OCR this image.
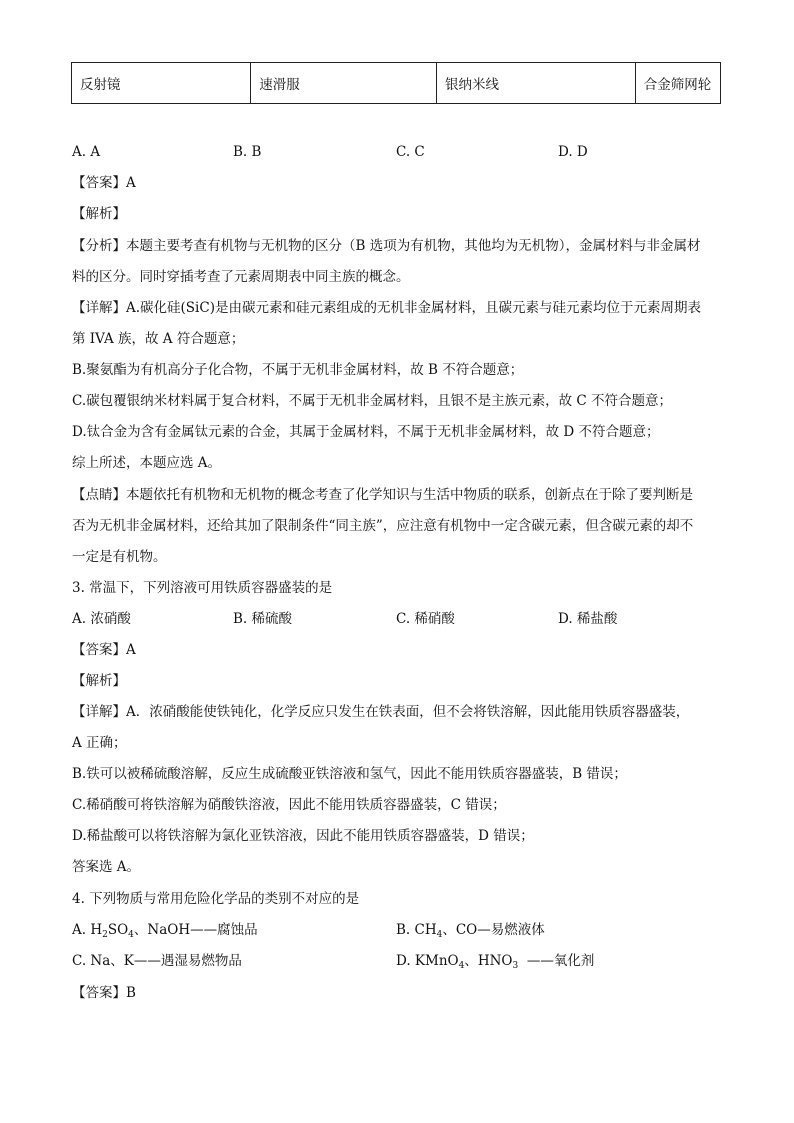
反射镜	速滑服	银纳米线	合金筛网轮
A. A	B. B	C. C	D. D
【答案】A
【解析】
【分析】本题主要考查有机物与无机物的区分（B 选项为有机物，其他均为无机物），金属材料与非金属材
料的区分。同时穿插考查了元素周期表中同主族的概念。
【详解】A.碳化硅(SiC)是由碳元素和硅元素组成的无机非金属材料，且碳元素与硅元素均位于元素周期表
第 IVA 族，故 A 符合题意；
B.聚氨酯为有机高分子化合物，不属于无机非金属材料，故 B 不符合题意；
C.碳包覆银纳米材料属于复合材料，不属于无机非金属材料，且银不是主族元素，故 C 不符合题意；
D.钛合金为含有金属钛元素的合金，其属于金属材料，不属于无机非金属材料，故 D 不符合题意；
综上所述，本题应选 A。
【点睛】本题依托有机物和无机物的概念考查了化学知识与生活中物质的联系，创新点在于除了要判断是
否为无机非金属材料，还给其加了限制条件“同主族”，应注意有机物中一定含碳元素，但含碳元素的却不
一定是有机物。
3. 常温下，下列溶液可用铁质容器盛装的是
A. 浓硝酸	B. 稀硫酸	C. 稀硝酸	D. 稀盐酸
【答案】A
【解析】
【详解】A．浓硝酸能使铁钝化，化学反应只发生在铁表面，但不会将铁溶解，因此能用铁质容器盛装，
A 正确；
B.铁可以被稀硫酸溶解，反应生成硫酸亚铁溶液和氢气，因此不能用铁质容器盛装，B 错误；
C.稀硝酸可将铁溶解为硝酸铁溶液，因此不能用铁质容器盛装，C 错误；
D.稀盐酸可以将铁溶解为氯化亚铁溶液，因此不能用铁质容器盛装，D 错误；
答案选 A。
4. 下列物质与常用危险化学品的类别不对应的是
A. $H_2SO_4$、NaOH——腐蚀品	B. $CH_4$、CO—易燃液体
C. Na、K——遇湿易燃物品	D. KMnO$_4$、$HNO_3$  ——氧化剂
【答案】B
